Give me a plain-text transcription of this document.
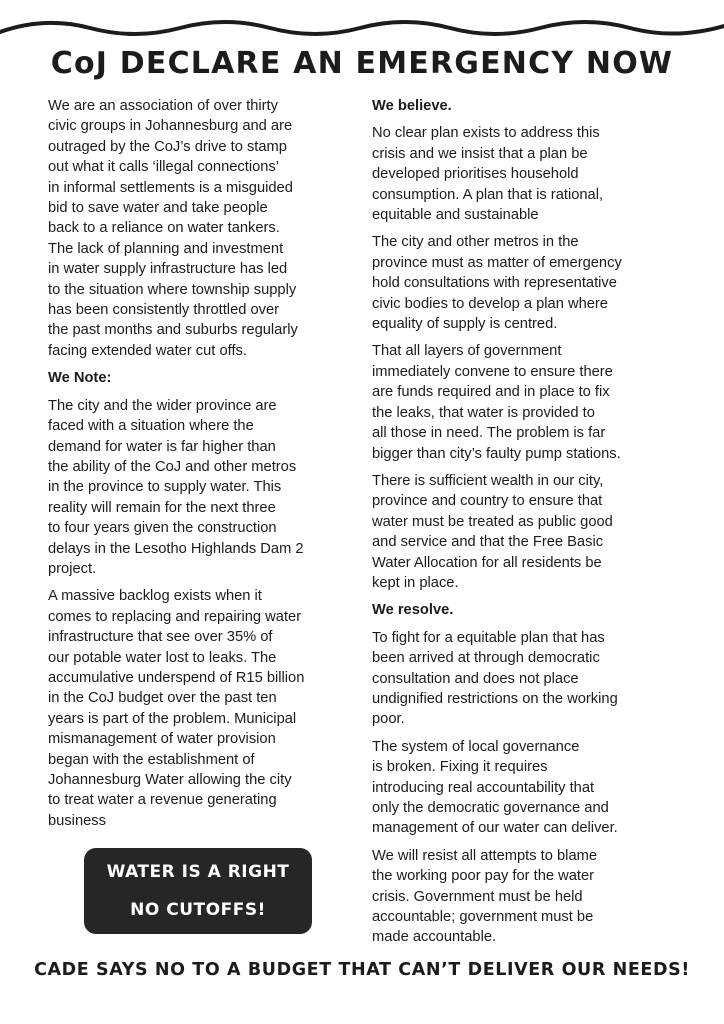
CoJ DECLARE AN EMERGENCY NOW

We are an association of over thirty
civic groups in Johannesburg and are
outraged by the CoJ’s drive to stamp
out what it calls ‘illegal connections’
in informal settlements is a misguided
bid to save water and take people
back to a reliance on water tankers.
The lack of planning and investment
in water supply infrastructure has led
to the situation where township supply
has been consistently throttled over
the past months and suburbs regularly
facing extended water cut offs.

We Note:

The city and the wider province are
faced with a situation where the
demand for water is far higher than
the ability of the CoJ and other metros
in the province to supply water. This
reality will remain for the next three
to four years given the construction
delays in the Lesotho Highlands Dam 2
project.

A massive backlog exists when it
comes to replacing and repairing water
infrastructure that see over 35% of
our potable water lost to leaks. The
accumulative underspend of R15 billion
in the CoJ budget over the past ten
years is part of the problem. Municipal
mismanagement of water provision
began with the establishment of
Johannesburg Water allowing the city
to treat water a revenue generating
business

We believe.

No clear plan exists to address this
crisis and we insist that a plan be
developed prioritises household
consumption. A plan that is rational,
equitable and sustainable

The city and other metros in the
province must as matter of emergency
hold consultations with representative
civic bodies to develop a plan where
equality of supply is centred.

That all layers of government
immediately convene to ensure there
are funds required and in place to fix
the leaks, that water is provided to
all those in need. The problem is far
bigger than city’s faulty pump stations.

There is sufficient wealth in our city,
province and country to ensure that
water must be treated as public good
and service and that the Free Basic
Water Allocation for all residents be
kept in place.

We resolve.

To fight for a equitable plan that has
been arrived at through democratic
consultation and does not place
undignified restrictions on the working
poor.

The system of local governance
is broken. Fixing it requires
introducing real accountability that
only the democratic governance and
management of our water can deliver.

We will resist all attempts to blame
the working poor pay for the water
crisis. Government must be held
accountable; government must be
made accountable.

WATER IS A RIGHT
NO CUTOFFS!

CADE SAYS NO TO A BUDGET THAT CAN’T DELIVER OUR NEEDS!
